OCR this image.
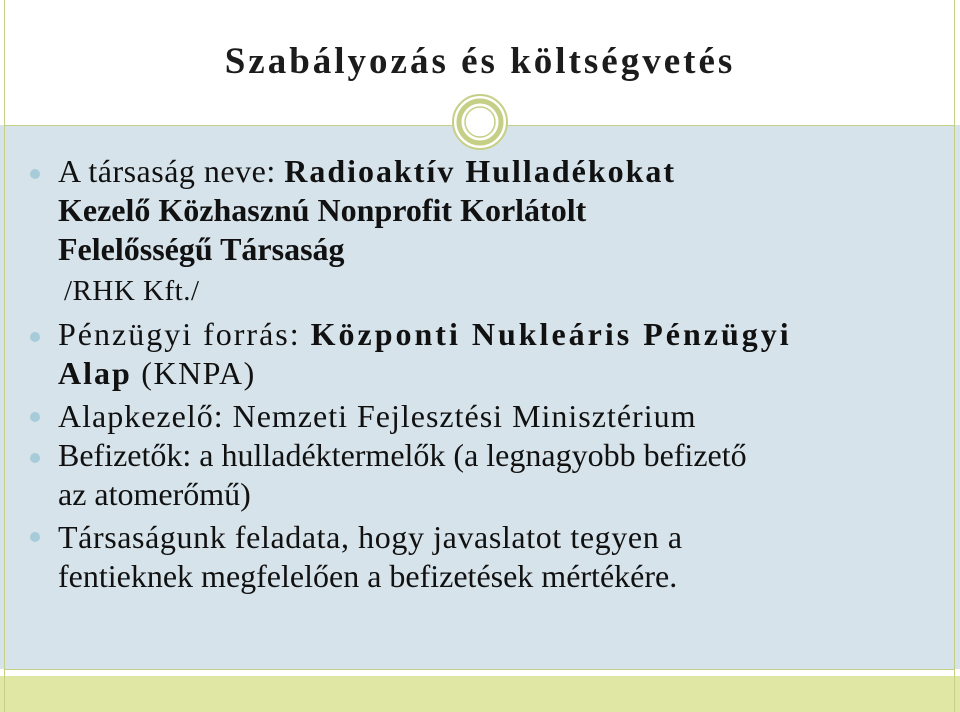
Szabályozás és költségvetés
A társaság neve: Radioaktív Hulladékokat
Kezelő Közhasznú Nonprofit Korlátolt
Felelősségű Társaság
/RHK Kft./
Pénzügyi forrás: Központi Nukleáris Pénzügyi
Alap (KNPA)
Alapkezelő: Nemzeti Fejlesztési Minisztérium
Befizetők: a hulladéktermelők (a legnagyobb befizető
az atomerőmű)
Társaságunk feladata, hogy javaslatot tegyen a
fentieknek megfelelően a befizetések mértékére.
